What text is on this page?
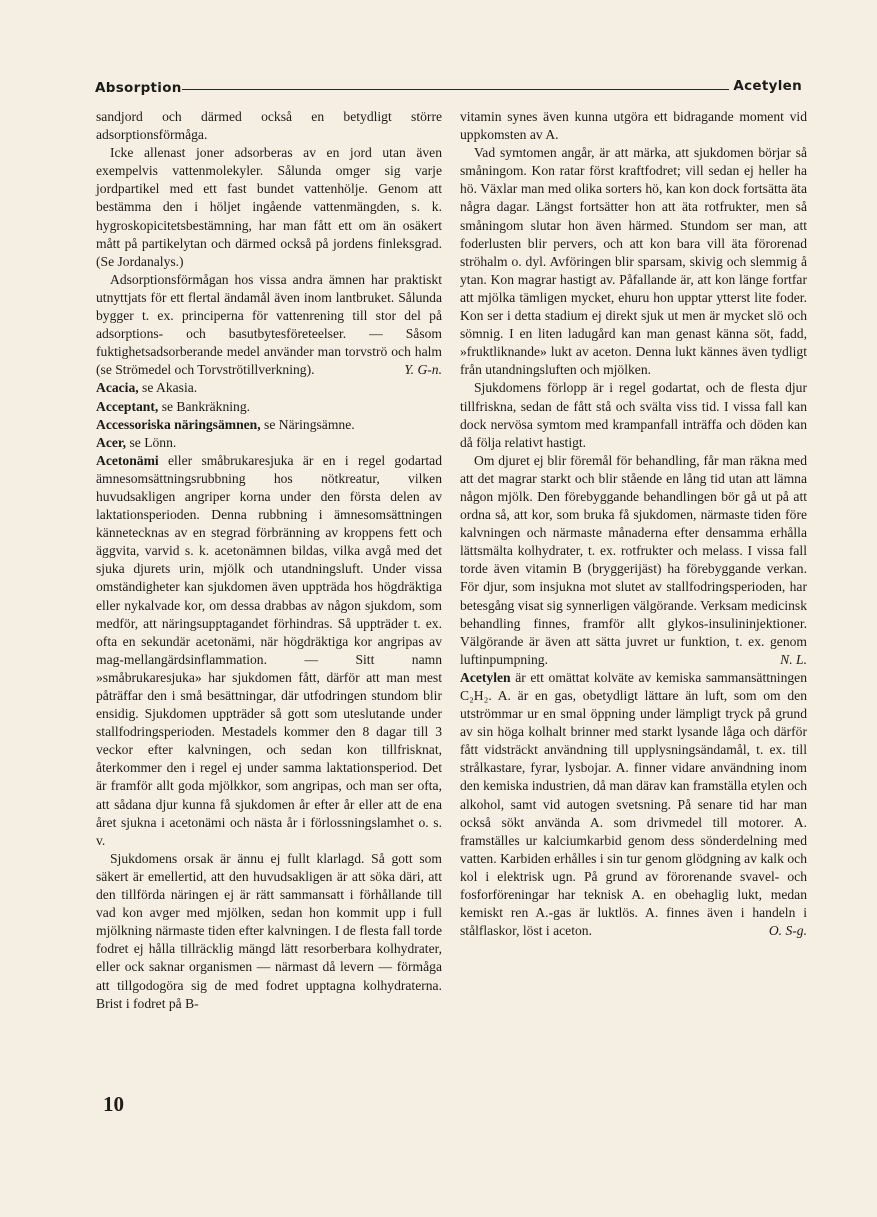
Absorption	Acetylen

sandjord och därmed också en betydligt större adsorptionsförmåga.

Icke allenast joner adsorberas av en jord utan även exempelvis vattenmolekyler. Sålunda omger sig varje jordpartikel med ett fast bundet vattenhölje. Genom att bestämma den i höljet ingående vattenmängden, s. k. hygroskopicitetsbestämning, har man fått ett om än osäkert mått på partikelytan och därmed också på jordens finleksgrad. (Se Jordanalys.)

Adsorptionsförmågan hos vissa andra ämnen har praktiskt utnyttjats för ett flertal ändamål även inom lantbruket. Sålunda bygger t. ex. principerna för vattenrening till stor del på adsorptions- och basutbytesföreteelser. — Såsom fuktighetsadsorberande medel använder man torvströ och halm (se Strömedel och Torvströtillverkning).	Y. G-n.

Acacia, se Akasia.

Acceptant, se Bankräkning.

Accessoriska näringsämnen, se Näringsämne.

Acer, se Lönn.

Acetonämi eller småbrukaresjuka är en i regel godartad ämnesomsättningsrubbning hos nötkreatur, vilken huvudsakligen angriper korna under den första delen av laktationsperioden. Denna rubbning i ämnesomsättningen kännetecknas av en stegrad förbränning av kroppens fett och äggvita, varvid s. k. acetonämnen bildas, vilka avgå med det sjuka djurets urin, mjölk och utandningsluft. Under vissa omständigheter kan sjukdomen även uppträda hos högdräktiga eller nykalvade kor, om dessa drabbas av någon sjukdom, som medför, att näringsupptagandet förhindras. Så uppträder t. ex. ofta en sekundär acetonämi, när högdräktiga kor angripas av mag-mellangärdsinflammation. — Sitt namn »småbrukaresjuka» har sjukdomen fått, därför att man mest påträffar den i små besättningar, där utfodringen stundom blir ensidig. Sjukdomen uppträder så gott som uteslutande under stallfodringsperioden. Mestadels kommer den 8 dagar till 3 veckor efter kalvningen, och sedan kon tillfrisknat, återkommer den i regel ej under samma laktationsperiod. Det är framför allt goda mjölkkor, som angripas, och man ser ofta, att sådana djur kunna få sjukdomen år efter år eller att de ena året sjukna i acetonämi och nästa år i förlossningslamhet o. s. v.

Sjukdomens orsak är ännu ej fullt klarlagd. Så gott som säkert är emellertid, att den huvudsakligen är att söka däri, att den tillförda näringen ej är rätt sammansatt i förhållande till vad kon avger med mjölken, sedan hon kommit upp i full mjölkning närmaste tiden efter kalvningen. I de flesta fall torde fodret ej hålla tillräcklig mängd lätt resorberbara kolhydrater, eller ock saknar organismen — närmast då levern — förmåga att tillgodogöra sig de med fodret upptagna kolhydraterna. Brist i fodret på B-

vitamin synes även kunna utgöra ett bidragande moment vid uppkomsten av A.

Vad symtomen angår, är att märka, att sjukdomen börjar så småningom. Kon ratar först kraftfodret; vill sedan ej heller ha hö. Växlar man med olika sorters hö, kan kon dock fortsätta äta några dagar. Längst fortsätter hon att äta rotfrukter, men så småningom slutar hon även härmed. Stundom ser man, att foderlusten blir pervers, och att kon bara vill äta förorenad ströhalm o. dyl. Avföringen blir sparsam, skivig och slemmig å ytan. Kon magrar hastigt av. Påfallande är, att kon länge fortfar att mjölka tämligen mycket, ehuru hon upptar ytterst lite foder. Kon ser i detta stadium ej direkt sjuk ut men är mycket slö och sömnig. I en liten ladugård kan man genast känna söt, fadd, »fruktliknande» lukt av aceton. Denna lukt kännes även tydligt från utandningsluften och mjölken.

Sjukdomens förlopp är i regel godartat, och de flesta djur tillfriskna, sedan de fått stå och svälta viss tid. I vissa fall kan dock nervösa symtom med krampanfall inträffa och döden kan då följa relativt hastigt.

Om djuret ej blir föremål för behandling, får man räkna med att det magrar starkt och blir stående en lång tid utan att lämna någon mjölk. Den förebyggande behandlingen bör gå ut på att ordna så, att kor, som bruka få sjukdomen, närmaste tiden före kalvningen och närmaste månaderna efter densamma erhålla lättsmälta kolhydrater, t. ex. rotfrukter och melass. I vissa fall torde även vitamin B (bryggerijäst) ha förebyggande verkan. För djur, som insjukna mot slutet av stallfodringsperioden, har betesgång visat sig synnerligen välgörande. Verksam medicinsk behandling finnes, framför allt glykos-insulininjektioner. Välgörande är även att sätta juvret ur funktion, t. ex. genom luftinpumpning.	N. L.

Acetylen är ett omättat kolväte av kemiska sammansättningen C₂H₂. A. är en gas, obetydligt lättare än luft, som om den utströmmar ur en smal öppning under lämpligt tryck på grund av sin höga kolhalt brinner med starkt lysande låga och därför fått vidsträckt användning till upplysningsändamål, t. ex. till strålkastare, fyrar, lysbojar. A. finner vidare användning inom den kemiska industrien, då man därav kan framställa etylen och alkohol, samt vid autogen svetsning. På senare tid har man också sökt använda A. som drivmedel till motorer. A. framställes ur kalciumkarbid genom dess sönderdelning med vatten. Karbiden erhålles i sin tur genom glödgning av kalk och kol i elektrisk ugn. På grund av förorenande svavel- och fosforföreningar har teknisk A. en obehaglig lukt, medan kemiskt ren A.-gas är luktlös. A. finnes även i handeln i stålflaskor, löst i aceton.	O. S-g.

10
